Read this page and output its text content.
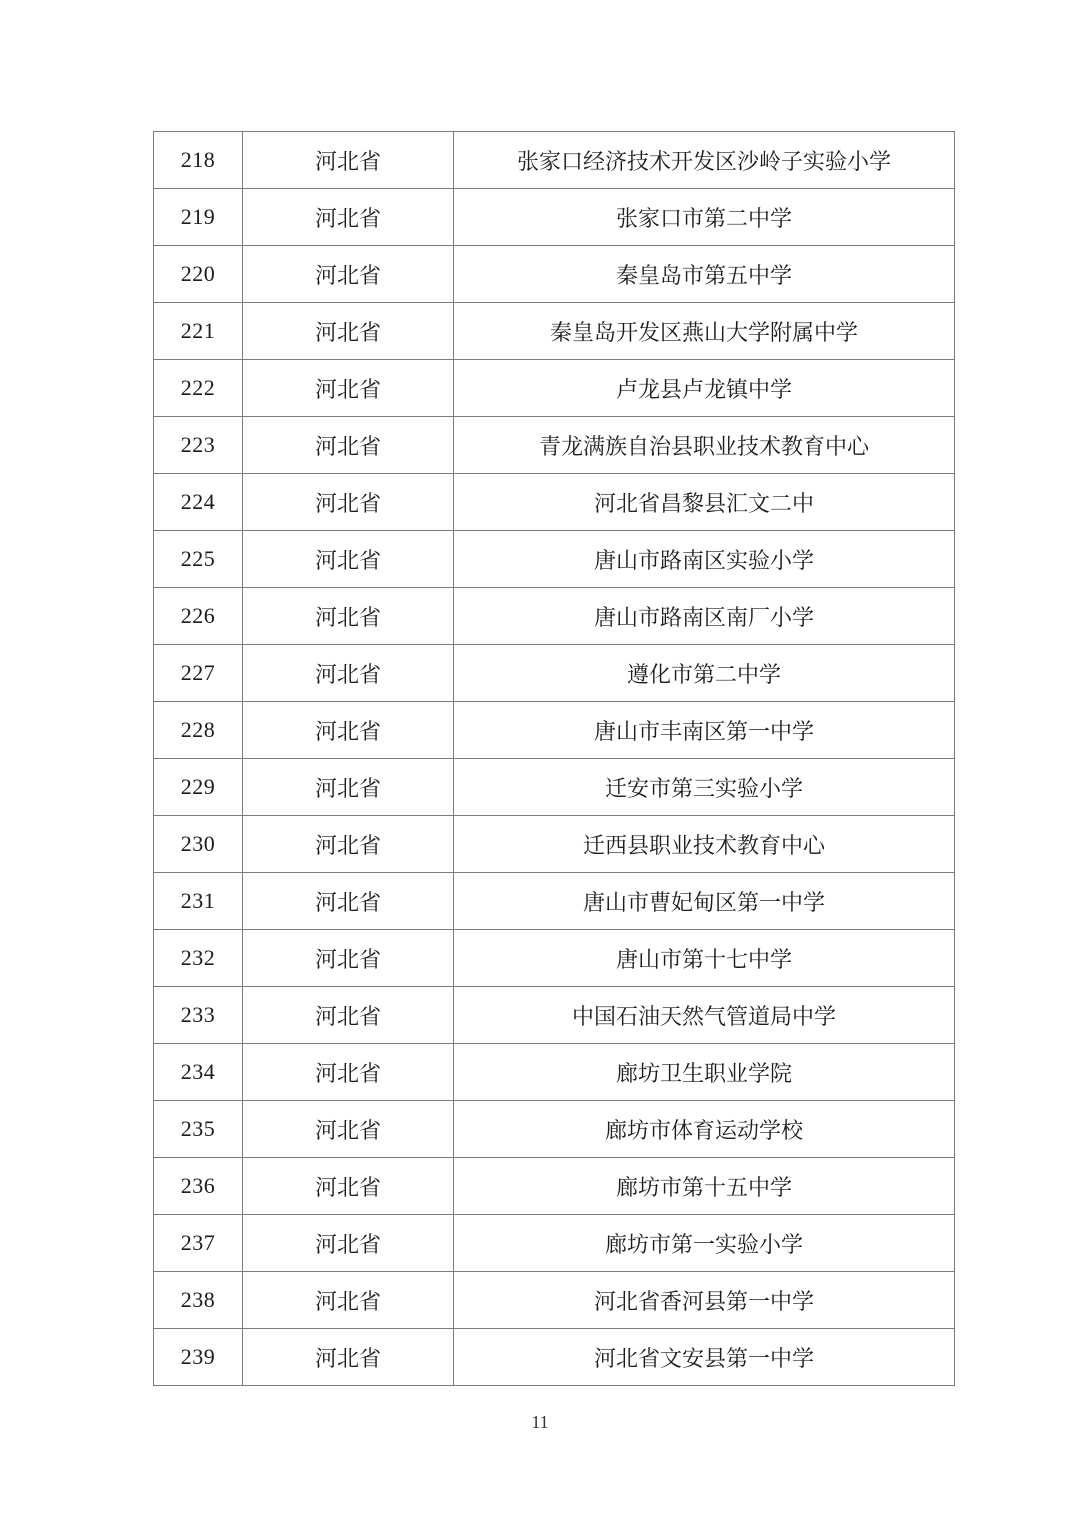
218	河北省	张家口经济技术开发区沙岭子实验小学
219	河北省	张家口市第二中学
220	河北省	秦皇岛市第五中学
221	河北省	秦皇岛开发区燕山大学附属中学
222	河北省	卢龙县卢龙镇中学
223	河北省	青龙满族自治县职业技术教育中心
224	河北省	河北省昌黎县汇文二中
225	河北省	唐山市路南区实验小学
226	河北省	唐山市路南区南厂小学
227	河北省	遵化市第二中学
228	河北省	唐山市丰南区第一中学
229	河北省	迁安市第三实验小学
230	河北省	迁西县职业技术教育中心
231	河北省	唐山市曹妃甸区第一中学
232	河北省	唐山市第十七中学
233	河北省	中国石油天然气管道局中学
234	河北省	廊坊卫生职业学院
235	河北省	廊坊市体育运动学校
236	河北省	廊坊市第十五中学
237	河北省	廊坊市第一实验小学
238	河北省	河北省香河县第一中学
239	河北省	河北省文安县第一中学
11
